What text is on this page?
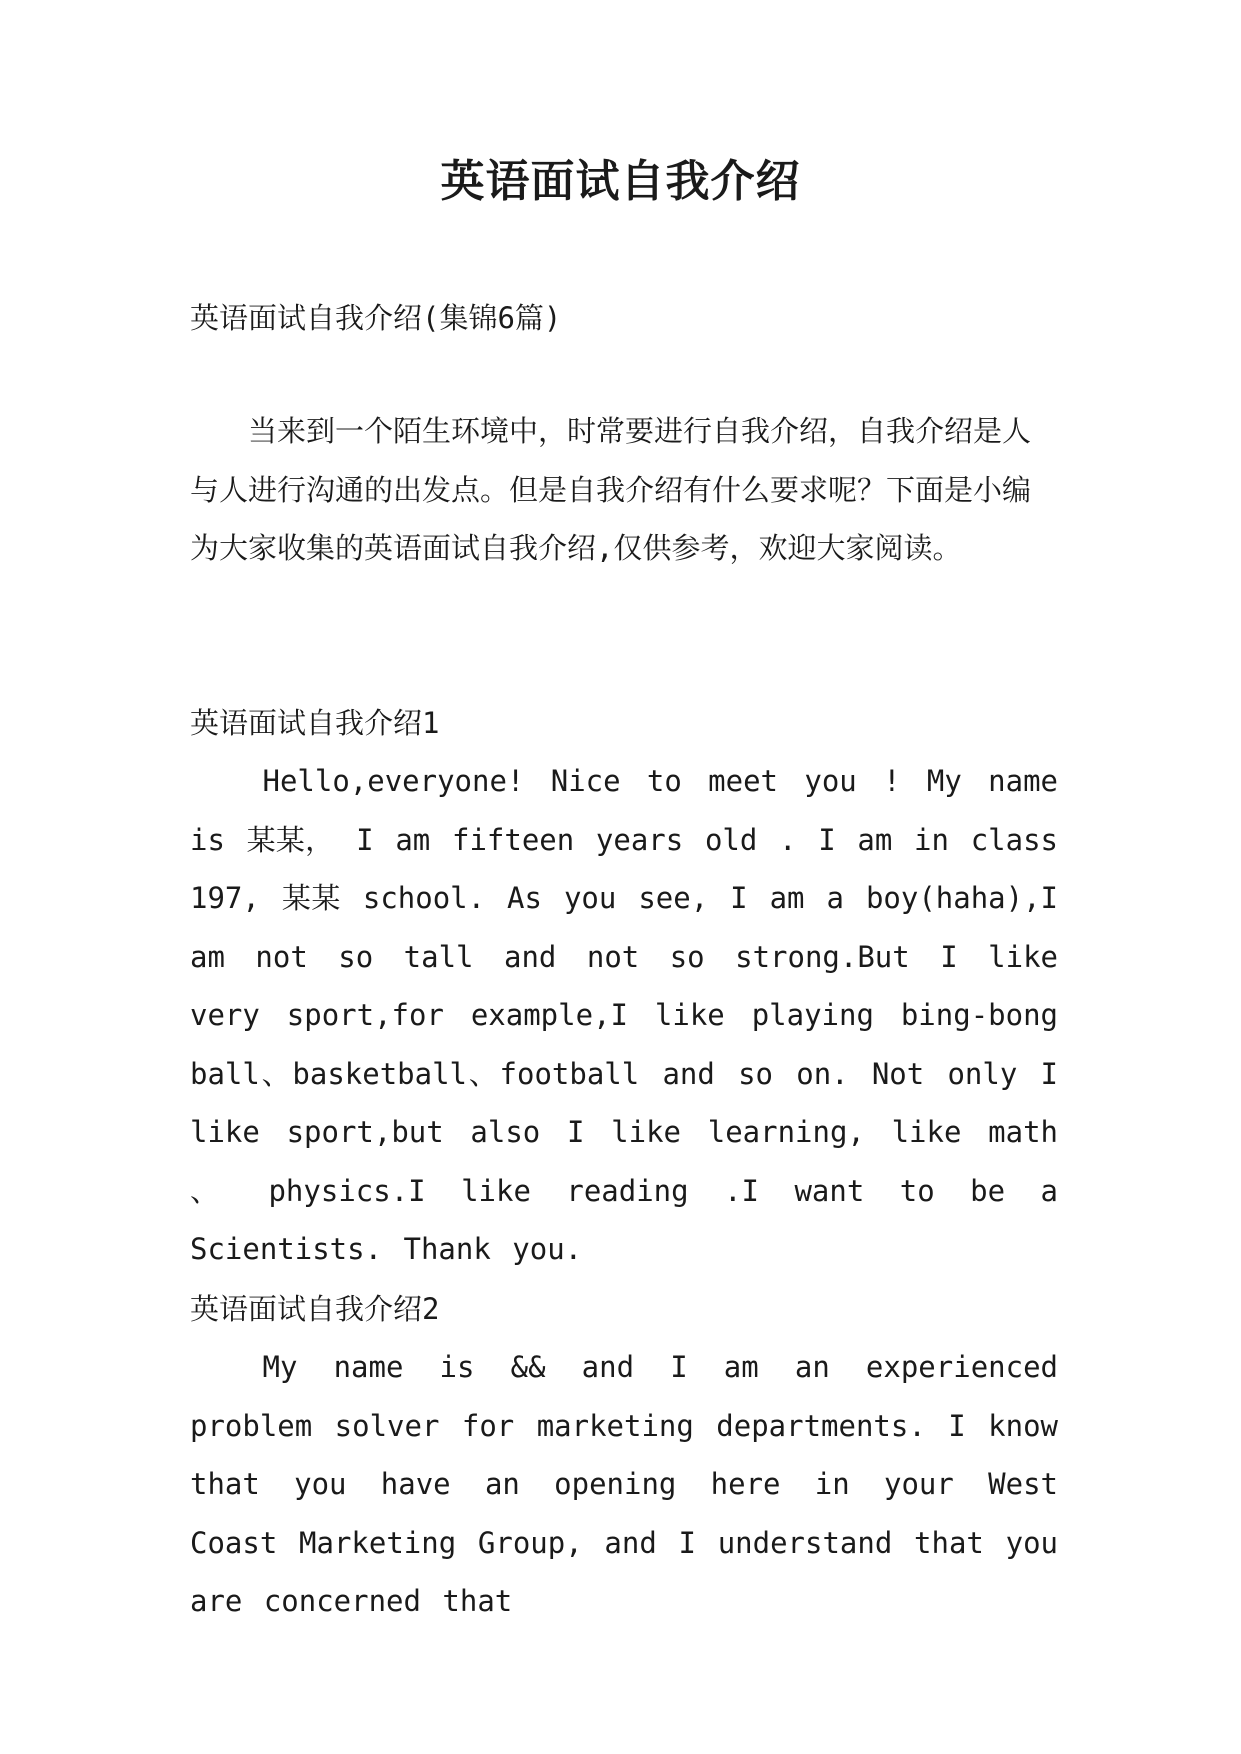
英语面试自我介绍

英语面试自我介绍(集锦6篇)

当来到一个陌生环境中，时常要进行自我介绍，自我介绍是人与人进行沟通的出发点。但是自我介绍有什么要求呢？下面是小编为大家收集的英语面试自我介绍,仅供参考，欢迎大家阅读。

英语面试自我介绍1

Hello,everyone! Nice to meet you ! My name is 某某， I am fifteen years old . I am in class 197, 某某 school. As you see, I am a boy(haha),I am not so tall and not so strong.But I like very sport,for example,I like playing bing-bong ball、basketball、football and so on. Not only I like sport,but also I like learning, like math 、 physics.I like reading .I want to be a Scientists. Thank you.

英语面试自我介绍2

My name is && and I am an experienced problem solver for marketing departments. I know that you have an opening here in your West Coast Marketing Group, and I understand that you are concerned that
